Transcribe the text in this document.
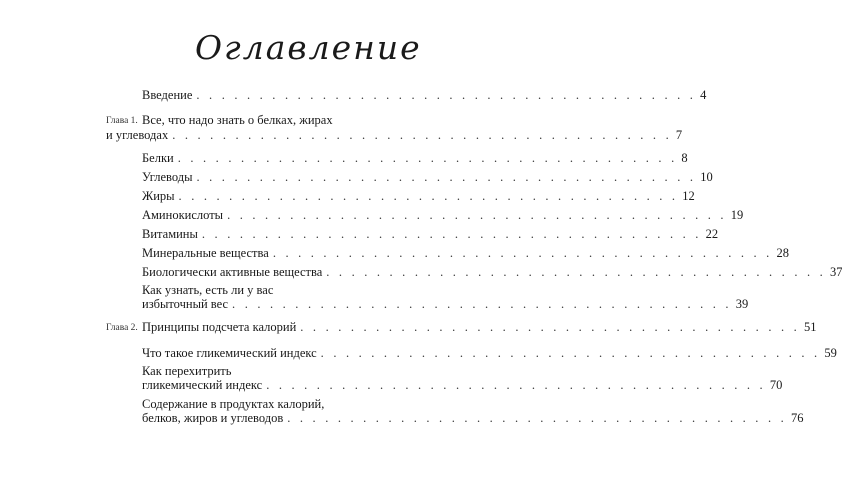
Оглавление
Введение . . . . . . . . . . . . . . . . . . . . . . . . . . . . . . . . . . . . . . . . 4
Глава 1. Все, что надо знать о белках, жирах
и углеводах . . . . . . . . . . . . . . . . . . . . . . . . . . . . . . . . . . . . . . . . 7
Белки . . . . . . . . . . . . . . . . . . . . . . . . . . . . . . . . . . . . . . . . 8
Углеводы . . . . . . . . . . . . . . . . . . . . . . . . . . . . . . . . . . . . . . . . 10
Жиры . . . . . . . . . . . . . . . . . . . . . . . . . . . . . . . . . . . . . . . . 12
Аминокислоты . . . . . . . . . . . . . . . . . . . . . . . . . . . . . . . . . . . . . . . . 19
Витамины . . . . . . . . . . . . . . . . . . . . . . . . . . . . . . . . . . . . . . . . 22
Минеральные вещества . . . . . . . . . . . . . . . . . . . . . . . . . . . . . . . . . . . . . . . . 28
Биологически активные вещества . . . . . . . . . . . . . . . . . . . . . . . . . . . . . . . . . . . . . . . . 37
Как узнать, есть ли у вас
избыточный вес . . . . . . . . . . . . . . . . . . . . . . . . . . . . . . . . . . . . . . . . 39
Глава 2. Принципы подсчета калорий . . . . . . . . . . . . . . . . . . . . . . . . . . . . . . . . . . . . . . . . 51
Что такое гликемический индекс . . . . . . . . . . . . . . . . . . . . . . . . . . . . . . . . . . . . . . . . 59
Как перехитрить
гликемический индекс . . . . . . . . . . . . . . . . . . . . . . . . . . . . . . . . . . . . . . . . 70
Содержание в продуктах калорий,
белков, жиров и углеводов . . . . . . . . . . . . . . . . . . . . . . . . . . . . . . . . . . . . . . . . 76
